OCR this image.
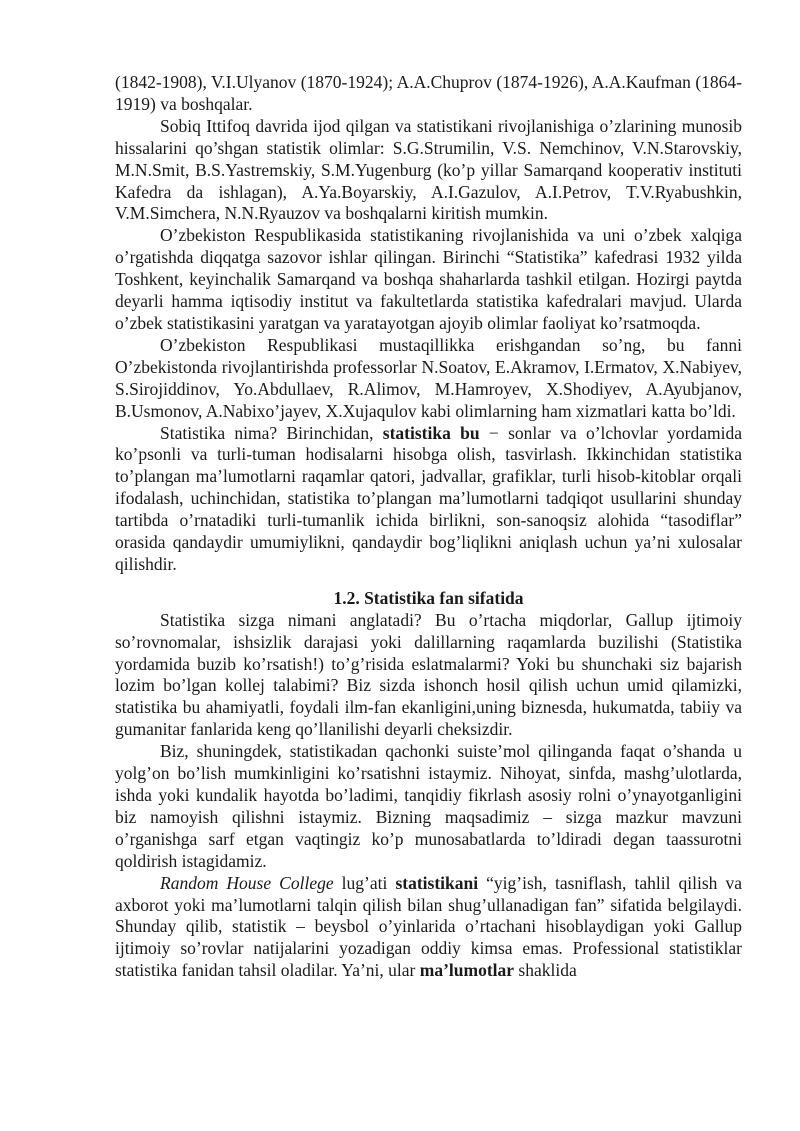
(1842-1908), V.I.Ulyanov (1870-1924); A.A.Chuprov (1874-1926), A.A.Kaufman (1864-1919) va boshqalar.

Sobiq Ittifoq davrida ijod qilgan va statistikani rivojlanishiga o’zlarining munosib hissalarini qo’shgan statistik olimlar: S.G.Strumilin, V.S. Nemchinov, V.N.Starovskiy, M.N.Smit, B.S.Yastremskiy, S.M.Yugenburg (ko’p yillar Samarqand kooperativ instituti Kafedra da ishlagan), A.Ya.Boyarskiy, A.I.Gazulov, A.I.Petrov, T.V.Ryabushkin, V.M.Simchera, N.N.Ryauzov va boshqalarni kiritish mumkin.

O’zbekiston Respublikasida statistikaning rivojlanishida va uni o’zbek xalqiga o’rgatishda diqqatga sazovor ishlar qilingan. Birinchi “Statistika” kafedrasi 1932 yilda Toshkent, keyinchalik Samarqand va boshqa shaharlarda tashkil etilgan. Hozirgi paytda deyarli hamma iqtisodiy institut va fakultetlarda statistika kafedralari mavjud. Ularda o’zbek statistikasini yaratgan va yaratayotgan ajoyib olimlar faoliyat ko’rsatmoqda.

O’zbekiston Respublikasi mustaqillikka erishgandan so’ng, bu fanni O’zbekistonda rivojlantirishda professorlar N.Soatov, E.Akramov, I.Ermatov, X.Nabiyev, S.Sirojiddinov, Yo.Abdullaev, R.Alimov, M.Hamroyev, X.Shodiyev, A.Ayubjanov, B.Usmonov, A.Nabixo’jayev, X.Xujaqulov kabi olimlarning ham xizmatlari katta bo’ldi.

Statistika nima? Birinchidan, statistika bu − sonlar va o’lchovlar yordamida ko’psonli va turli-tuman hodisalarni hisobga olish, tasvirlash. Ikkinchidan statistika to’plangan ma’lumotlarni raqamlar qatori, jadvallar, grafiklar, turli hisob-kitoblar orqali ifodalash, uchinchidan, statistika to’plangan ma’lumotlarni tadqiqot usullarini shunday tartibda o’rnatadiki turli-tumanlik ichida birlikni, son-sanoqsiz alohida “tasodiflar” orasida qandaydir umumiylikni, qandaydir bog’liqlikni aniqlash uchun ya’ni xulosalar qilishdir.

1.2. Statistika fan sifatida

Statistika sizga nimani anglatadi? Bu o’rtacha miqdorlar, Gallup ijtimoiy so’rovnomalar, ishsizlik darajasi yoki dalillarning raqamlarda buzilishi (Statistika yordamida buzib ko’rsatish!) to’g’risida eslatmalarmi? Yoki bu shunchaki siz bajarish lozim bo’lgan kollej talabimi? Biz sizda ishonch hosil qilish uchun umid qilamizki, statistika bu ahamiyatli, foydali ilm-fan ekanligini,uning biznesda, hukumatda, tabiiy va gumanitar fanlarida keng qo’llanilishi deyarli cheksizdir.

Biz, shuningdek, statistikadan qachonki suiste’mol qilinganda faqat o’shanda u yolg’on bo’lish mumkinligini ko’rsatishni istaymiz. Nihoyat, sinfda, mashg’ulotlarda, ishda yoki kundalik hayotda bo’ladimi, tanqidiy fikrlash asosiy rolni o’ynayotganligini biz namoyish qilishni istaymiz. Bizning maqsadimiz – sizga mazkur mavzuni o’rganishga sarf etgan vaqtingiz ko’p munosabatlarda to’ldiradi degan taassurotni qoldirish istagidamiz.

Random House College lug’ati statistikani “yig’ish, tasniflash, tahlil qilish va axborot yoki ma’lumotlarni talqin qilish bilan shug’ullanadigan fan” sifatida belgilaydi. Shunday qilib, statistik – beysbol o’yinlarida o’rtachani hisoblaydigan yoki Gallup ijtimoiy so’rovlar natijalarini yozadigan oddiy kimsa emas. Professional statistiklar statistika fanidan tahsil oladilar. Ya’ni, ular ma’lumotlar shaklida
